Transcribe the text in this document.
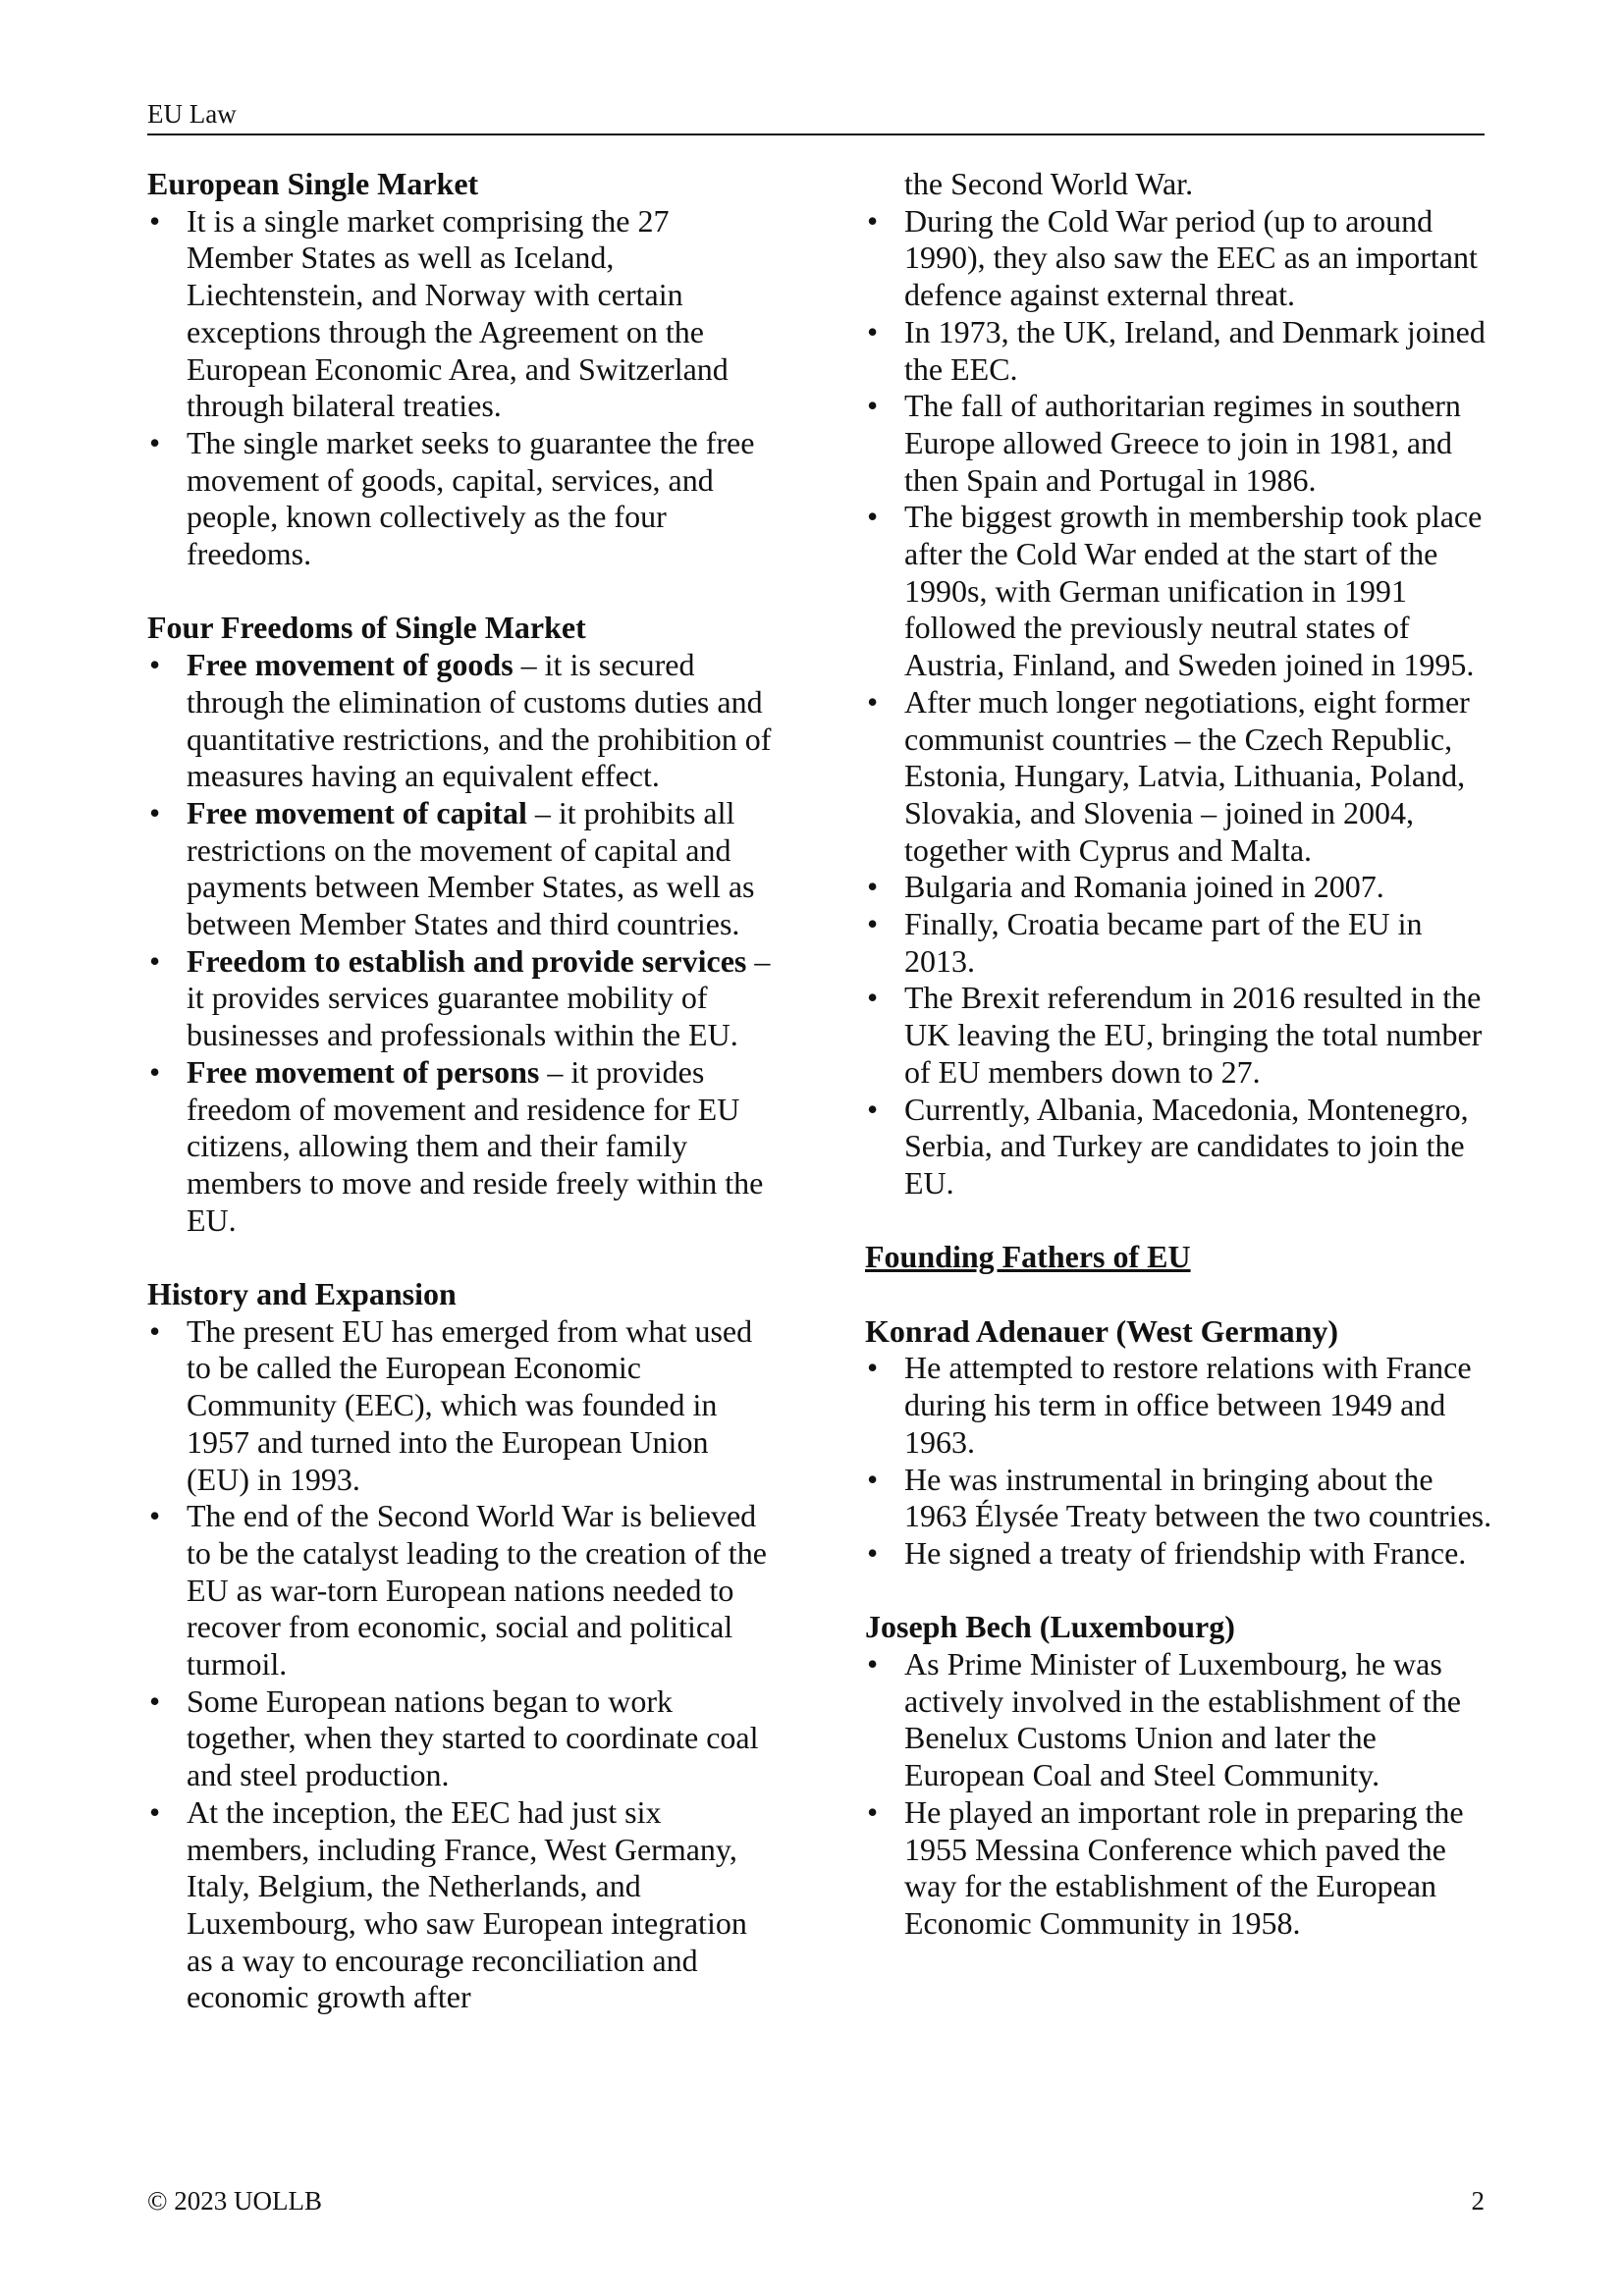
EU Law
European Single Market
• It is a single market comprising the 27 Member States as well as Iceland, Liechtenstein, and Norway with certain exceptions through the Agreement on the European Economic Area, and Switzerland through bilateral treaties.
• The single market seeks to guarantee the free movement of goods, capital, services, and people, known collectively as the four freedoms.
Four Freedoms of Single Market
• Free movement of goods – it is secured through the elimination of customs duties and quantitative restrictions, and the prohibition of measures having an equivalent effect.
• Free movement of capital – it prohibits all restrictions on the movement of capital and payments between Member States, as well as between Member States and third countries.
• Freedom to establish and provide services – it provides services guarantee mobility of businesses and professionals within the EU.
• Free movement of persons – it provides freedom of movement and residence for EU citizens, allowing them and their family members to move and reside freely within the EU.
History and Expansion
• The present EU has emerged from what used to be called the European Economic Community (EEC), which was founded in 1957 and turned into the European Union (EU) in 1993.
• The end of the Second World War is believed to be the catalyst leading to the creation of the EU as war-torn European nations needed to recover from economic, social and political turmoil.
• Some European nations began to work together, when they started to coordinate coal and steel production.
• At the inception, the EEC had just six members, including France, West Germany, Italy, Belgium, the Netherlands, and Luxembourg, who saw European integration as a way to encourage reconciliation and economic growth after
the Second World War.
• During the Cold War period (up to around 1990), they also saw the EEC as an important defence against external threat.
• In 1973, the UK, Ireland, and Denmark joined the EEC.
• The fall of authoritarian regimes in southern Europe allowed Greece to join in 1981, and then Spain and Portugal in 1986.
• The biggest growth in membership took place after the Cold War ended at the start of the 1990s, with German unification in 1991 followed the previously neutral states of Austria, Finland, and Sweden joined in 1995.
• After much longer negotiations, eight former communist countries – the Czech Republic, Estonia, Hungary, Latvia, Lithuania, Poland, Slovakia, and Slovenia – joined in 2004, together with Cyprus and Malta.
• Bulgaria and Romania joined in 2007.
• Finally, Croatia became part of the EU in 2013.
• The Brexit referendum in 2016 resulted in the UK leaving the EU, bringing the total number of EU members down to 27.
• Currently, Albania, Macedonia, Montenegro, Serbia, and Turkey are candidates to join the EU.
Founding Fathers of EU
Konrad Adenauer (West Germany)
• He attempted to restore relations with France during his term in office between 1949 and 1963.
• He was instrumental in bringing about the 1963 Élysée Treaty between the two countries.
• He signed a treaty of friendship with France.
Joseph Bech (Luxembourg)
• As Prime Minister of Luxembourg, he was actively involved in the establishment of the Benelux Customs Union and later the European Coal and Steel Community.
• He played an important role in preparing the 1955 Messina Conference which paved the way for the establishment of the European Economic Community in 1958.
© 2023 UOLLB	2
